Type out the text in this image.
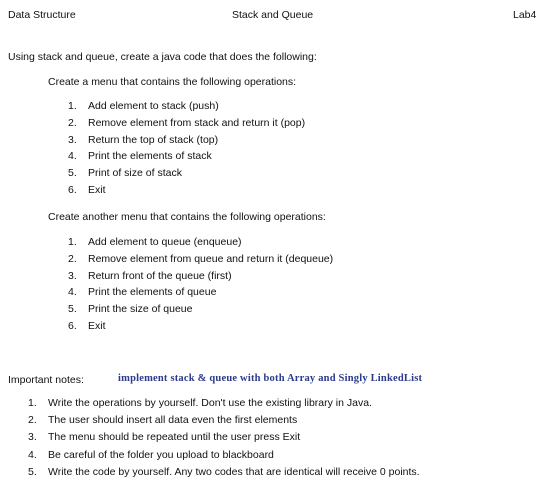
Data Structure	Stack and Queue	Lab4
Using stack and queue, create a java code that does the following:
Create a menu that contains the following operations:
1.	Add element to stack (push)
2.	Remove element from stack and return it (pop)
3.	Return the top of stack (top)
4.	Print the elements of stack
5.	Print of size of stack
6.	Exit
Create another menu that contains the following operations:
1.	Add element to queue (enqueue)
2.	Remove element from queue and return it (dequeue)
3.	Return front of the queue (first)
4.	Print the elements of queue
5.	Print the size of queue
6.	Exit
Important notes:	implement stack & queue with both Array and Singly LinkedList
1.	Write the operations by yourself. Don't use the existing library in Java.
2.	The user should insert all data even the first elements
3.	The menu should be repeated until the user press Exit
4.	Be careful of the folder you upload to blackboard
5.	Write the code by yourself. Any two codes that are identical will receive 0 points.
